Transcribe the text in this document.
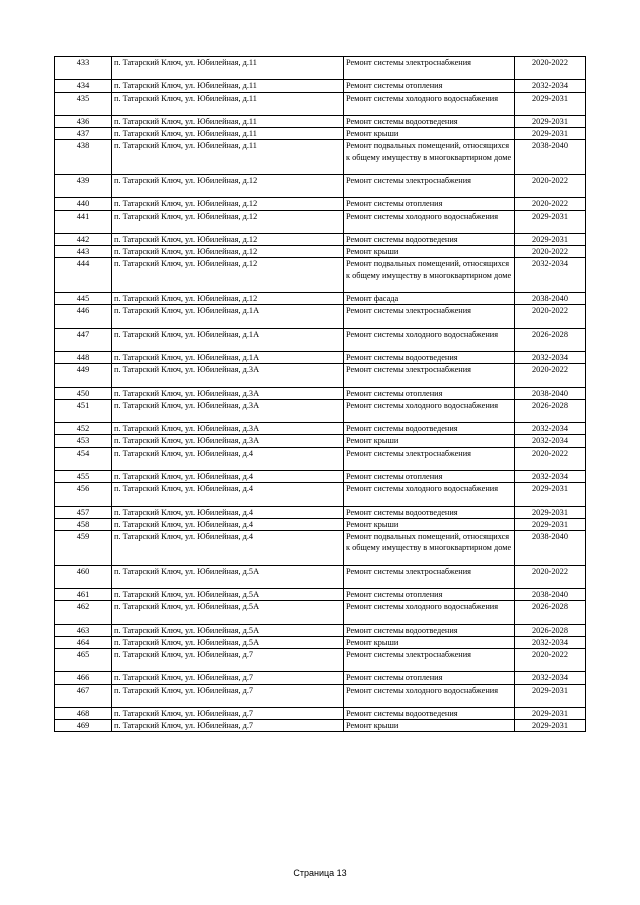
433	п. Татарский Ключ, ул. Юбилейная, д.11	Ремонт системы электроснабжения	2020-2022
434	п. Татарский Ключ, ул. Юбилейная, д.11	Ремонт системы отопления	2032-2034
435	п. Татарский Ключ, ул. Юбилейная, д.11	Ремонт системы холодного водоснабжения	2029-2031
436	п. Татарский Ключ, ул. Юбилейная, д.11	Ремонт системы водоотведения	2029-2031
437	п. Татарский Ключ, ул. Юбилейная, д.11	Ремонт крыши	2029-2031
438	п. Татарский Ключ, ул. Юбилейная, д.11	Ремонт подвальных помещений, относящихся к общему имуществу в многоквартирном доме	2038-2040
439	п. Татарский Ключ, ул. Юбилейная, д.12	Ремонт системы электроснабжения	2020-2022
440	п. Татарский Ключ, ул. Юбилейная, д.12	Ремонт системы отопления	2020-2022
441	п. Татарский Ключ, ул. Юбилейная, д.12	Ремонт системы холодного водоснабжения	2029-2031
442	п. Татарский Ключ, ул. Юбилейная, д.12	Ремонт системы водоотведения	2029-2031
443	п. Татарский Ключ, ул. Юбилейная, д.12	Ремонт крыши	2020-2022
444	п. Татарский Ключ, ул. Юбилейная, д.12	Ремонт подвальных помещений, относящихся к общему имуществу в многоквартирном доме	2032-2034
445	п. Татарский Ключ, ул. Юбилейная, д.12	Ремонт фасада	2038-2040
446	п. Татарский Ключ, ул. Юбилейная, д.1А	Ремонт системы электроснабжения	2020-2022
447	п. Татарский Ключ, ул. Юбилейная, д.1А	Ремонт системы холодного водоснабжения	2026-2028
448	п. Татарский Ключ, ул. Юбилейная, д.1А	Ремонт системы водоотведения	2032-2034
449	п. Татарский Ключ, ул. Юбилейная, д.3А	Ремонт системы электроснабжения	2020-2022
450	п. Татарский Ключ, ул. Юбилейная, д.3А	Ремонт системы отопления	2038-2040
451	п. Татарский Ключ, ул. Юбилейная, д.3А	Ремонт системы холодного водоснабжения	2026-2028
452	п. Татарский Ключ, ул. Юбилейная, д.3А	Ремонт системы водоотведения	2032-2034
453	п. Татарский Ключ, ул. Юбилейная, д.3А	Ремонт крыши	2032-2034
454	п. Татарский Ключ, ул. Юбилейная, д.4	Ремонт системы электроснабжения	2020-2022
455	п. Татарский Ключ, ул. Юбилейная, д.4	Ремонт системы отопления	2032-2034
456	п. Татарский Ключ, ул. Юбилейная, д.4	Ремонт системы холодного водоснабжения	2029-2031
457	п. Татарский Ключ, ул. Юбилейная, д.4	Ремонт системы водоотведения	2029-2031
458	п. Татарский Ключ, ул. Юбилейная, д.4	Ремонт крыши	2029-2031
459	п. Татарский Ключ, ул. Юбилейная, д.4	Ремонт подвальных помещений, относящихся к общему имуществу в многоквартирном доме	2038-2040
460	п. Татарский Ключ, ул. Юбилейная, д.5А	Ремонт системы электроснабжения	2020-2022
461	п. Татарский Ключ, ул. Юбилейная, д.5А	Ремонт системы отопления	2038-2040
462	п. Татарский Ключ, ул. Юбилейная, д.5А	Ремонт системы холодного водоснабжения	2026-2028
463	п. Татарский Ключ, ул. Юбилейная, д.5А	Ремонт системы водоотведения	2026-2028
464	п. Татарский Ключ, ул. Юбилейная, д.5А	Ремонт крыши	2032-2034
465	п. Татарский Ключ, ул. Юбилейная, д.7	Ремонт системы электроснабжения	2020-2022
466	п. Татарский Ключ, ул. Юбилейная, д.7	Ремонт системы отопления	2032-2034
467	п. Татарский Ключ, ул. Юбилейная, д.7	Ремонт системы холодного водоснабжения	2029-2031
468	п. Татарский Ключ, ул. Юбилейная, д.7	Ремонт системы водоотведения	2029-2031
469	п. Татарский Ключ, ул. Юбилейная, д.7	Ремонт крыши	2029-2031
Страница 13
